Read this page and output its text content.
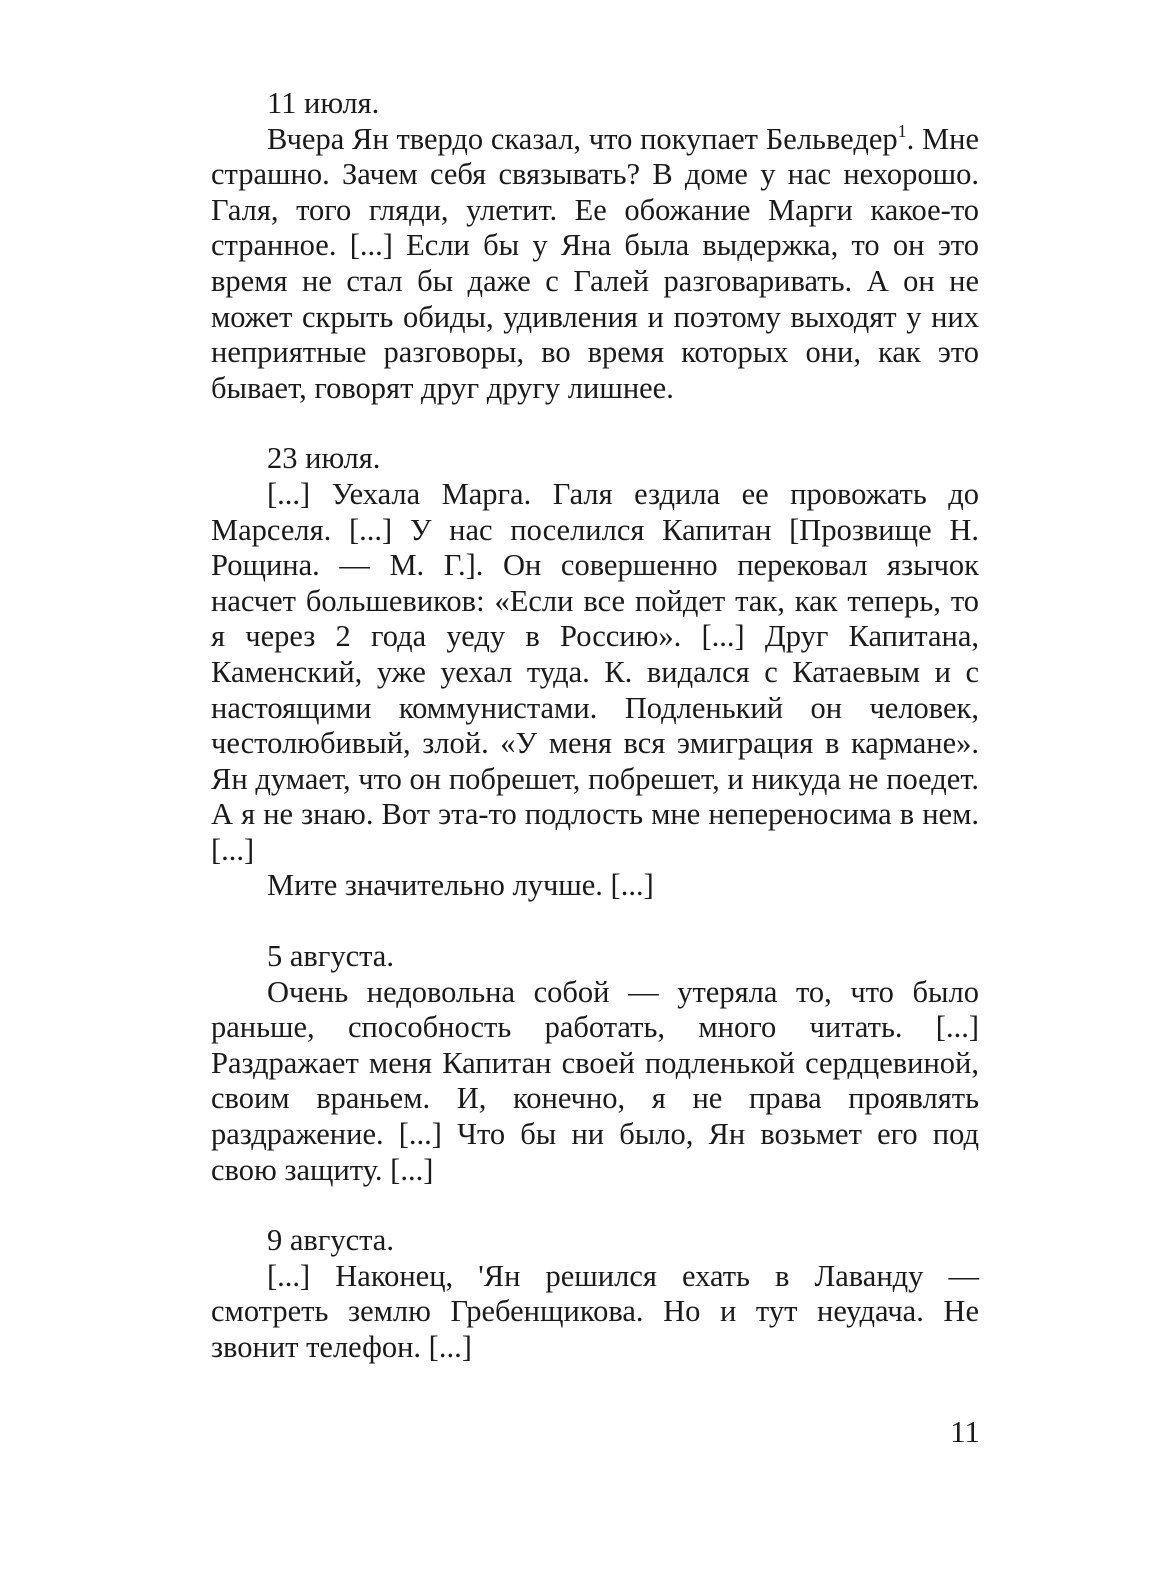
11 июля.

Вчера Ян твердо сказал, что покупает Бельведер$^1$. Мне страшно. Зачем себя связывать? В доме у нас нехорошо. Галя, того гляди, улетит. Ее обожание Марги какое-то странное. [...] Если бы у Яна была выдержка, то он это время не стал бы даже с Галей разговаривать. А он не может скрыть обиды, удивления и поэтому выходят у них неприятные разговоры, во время которых они, как это бывает, говорят друг другу лишнее.

23 июля.

[...] Уехала Марга. Галя ездила ее провожать до Марселя. [...] У нас поселился Капитан [Прозвище Н. Рощина. — М. Г.]. Он совершенно перековал язычок насчет большевиков: «Если все пойдет так, как теперь, то я через 2 года уеду в Россию». [...] Друг Капитана, Каменский, уже уехал туда. К. видался с Катаевым и с настоящими коммунистами. Подленький он человек, честолюбивый, злой. «У меня вся эмиграция в кармане». Ян думает, что он побрешет, побрешет, и никуда не поедет. А я не знаю. Вот эта-то подлость мне непереносима в нем. [...]

Мите значительно лучше. [...]

5 августа.

Очень недовольна собой — утеряла то, что было раньше, способность работать, много читать. [...] Раздражает меня Капитан своей подленькой сердцевиной, своим враньем. И, конечно, я не права проявлять раздражение. [...] Что бы ни было, Ян возьмет его под свою защиту. [...]

9 августа.

[...] Наконец, 'Ян решился ехать в Лаванду — смотреть землю Гребенщикова. Но и тут неудача. Не звонит телефон. [...]

11
